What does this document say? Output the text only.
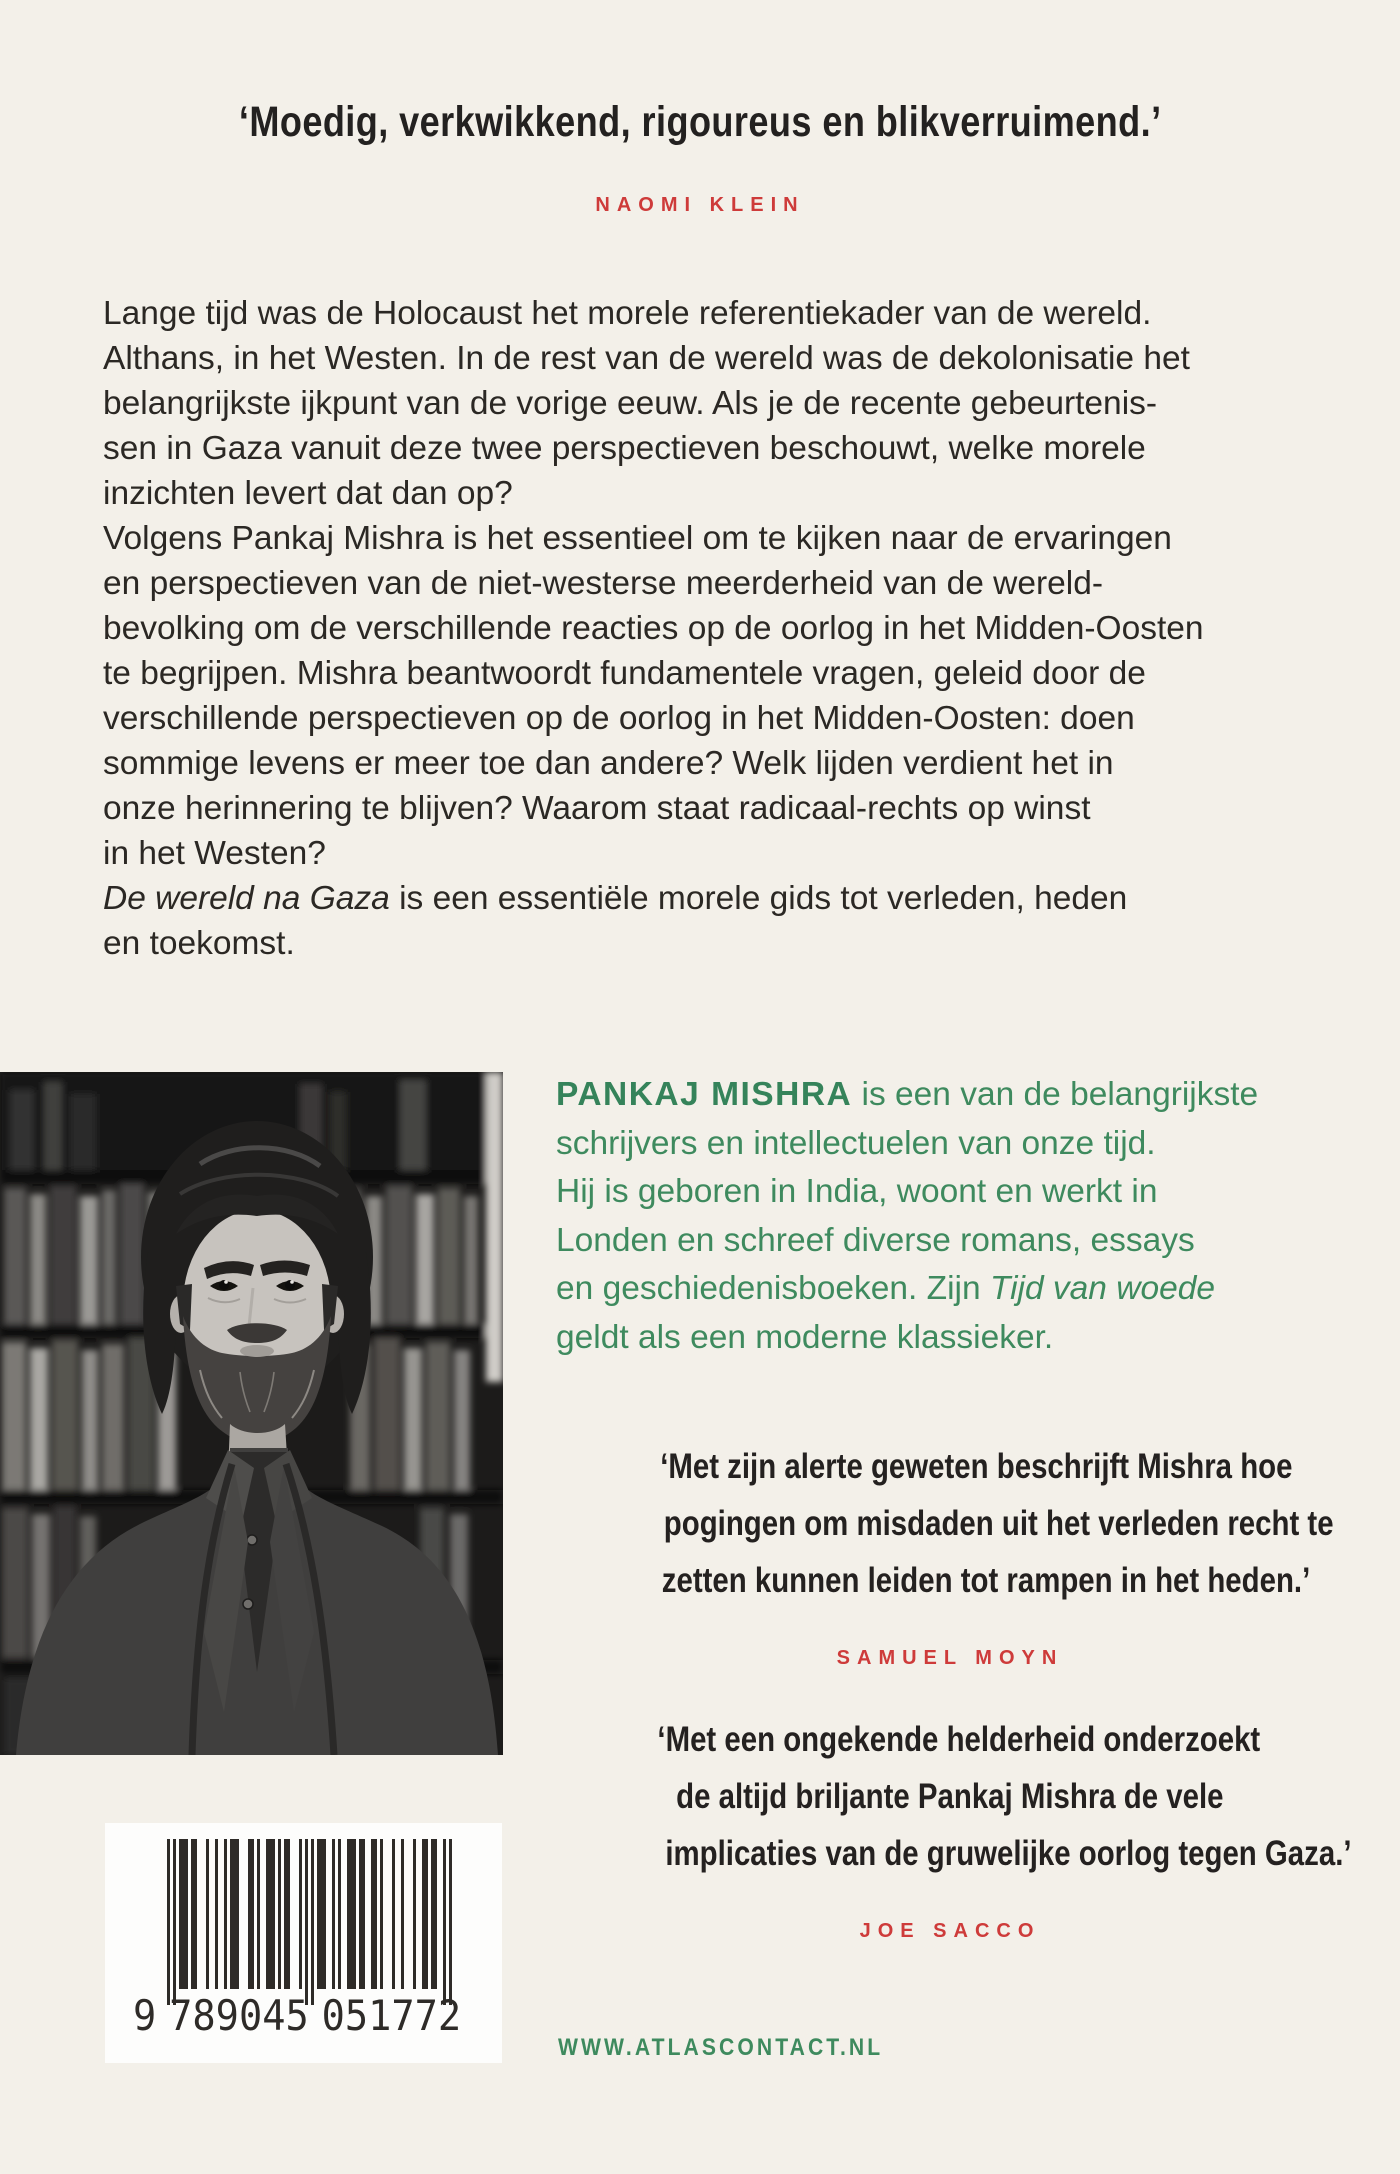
‘Moedig, verkwikkend, rigoureus en blikverruimend.’
NAOMI KLEIN
Lange tijd was de Holocaust het morele referentiekader van de wereld.
Althans, in het Westen. In de rest van de wereld was de dekolonisatie het
belangrijkste ijkpunt van de vorige eeuw. Als je de recente gebeurtenis-
sen in Gaza vanuit deze twee perspectieven beschouwt, welke morele
inzichten levert dat dan op?
Volgens Pankaj Mishra is het essentieel om te kijken naar de ervaringen
en perspectieven van de niet-westerse meerderheid van de wereld-
bevolking om de verschillende reacties op de oorlog in het Midden-Oosten
te begrijpen. Mishra beantwoordt fundamentele vragen, geleid door de
verschillende perspectieven op de oorlog in het Midden-Oosten: doen
sommige levens er meer toe dan andere? Welk lijden verdient het in
onze herinnering te blijven? Waarom staat radicaal-rechts op winst
in het Westen?
De wereld na Gaza is een essentiële morele gids tot verleden, heden
en toekomst.
PANKAJ MISHRA is een van de belangrijkste
schrijvers en intellectuelen van onze tijd.
Hij is geboren in India, woont en werkt in
Londen en schreef diverse romans, essays
en geschiedenisboeken. Zijn Tijd van woede
geldt als een moderne klassieker.
‘Met zijn alerte geweten beschrijft Mishra hoe
pogingen om misdaden uit het verleden recht te
zetten kunnen leiden tot rampen in het heden.’
SAMUEL MOYN
‘Met een ongekende helderheid onderzoekt
de altijd briljante Pankaj Mishra de vele
implicaties van de gruwelijke oorlog tegen Gaza.’
JOE SACCO
WWW.ATLASCONTACT.NL
9 789045 051772
